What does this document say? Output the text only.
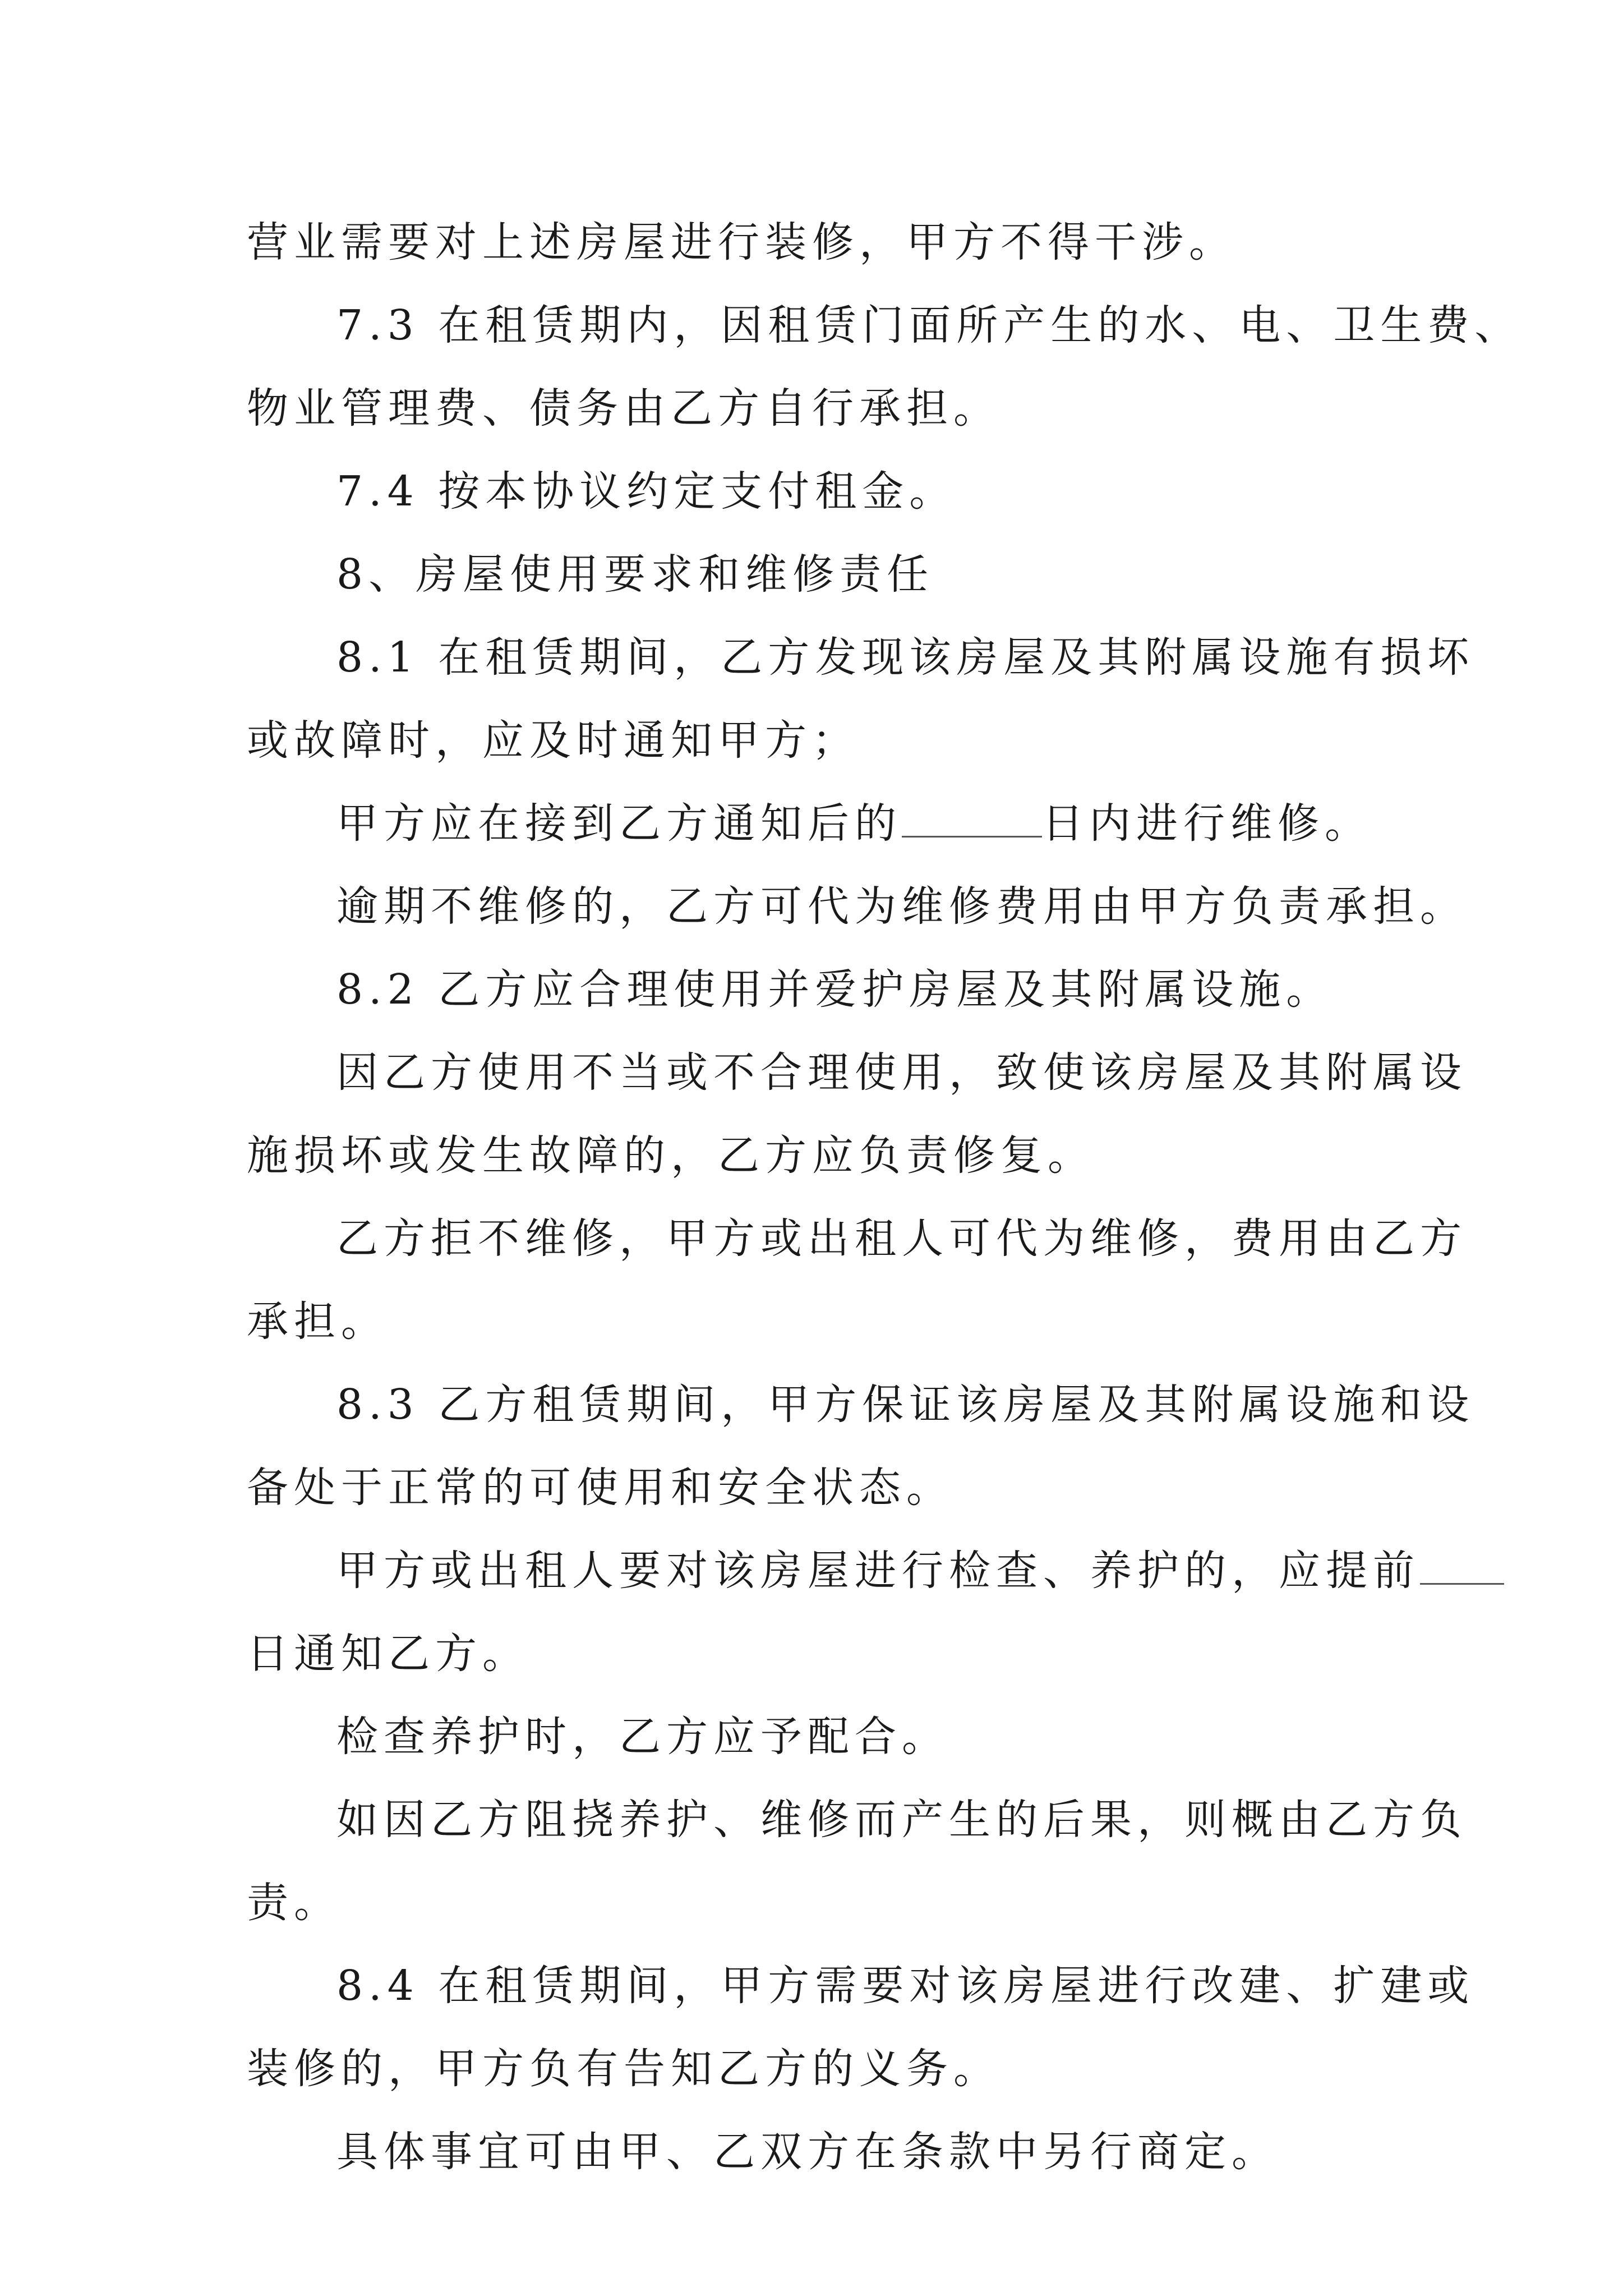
营业需要对上述房屋进行装修，甲方不得干涉。
7.3 在租赁期内，因租赁门面所产生的水、电、卫生费、
物业管理费、债务由乙方自行承担。
7.4 按本协议约定支付租金。
8、房屋使用要求和维修责任
8.1 在租赁期间，乙方发现该房屋及其附属设施有损坏
或故障时，应及时通知甲方；
甲方应在接到乙方通知后的	日内进行维修。
逾期不维修的，乙方可代为维修费用由甲方负责承担。
8.2 乙方应合理使用并爱护房屋及其附属设施。
因乙方使用不当或不合理使用，致使该房屋及其附属设
施损坏或发生故障的，乙方应负责修复。
乙方拒不维修，甲方或出租人可代为维修，费用由乙方
承担。
8.3 乙方租赁期间，甲方保证该房屋及其附属设施和设
备处于正常的可使用和安全状态。
甲方或出租人要对该房屋进行检查、养护的，应提前
日通知乙方。
检查养护时，乙方应予配合。
如因乙方阻挠养护、维修而产生的后果，则概由乙方负
责。
8.4 在租赁期间，甲方需要对该房屋进行改建、扩建或
装修的，甲方负有告知乙方的义务。
具体事宜可由甲、乙双方在条款中另行商定。
